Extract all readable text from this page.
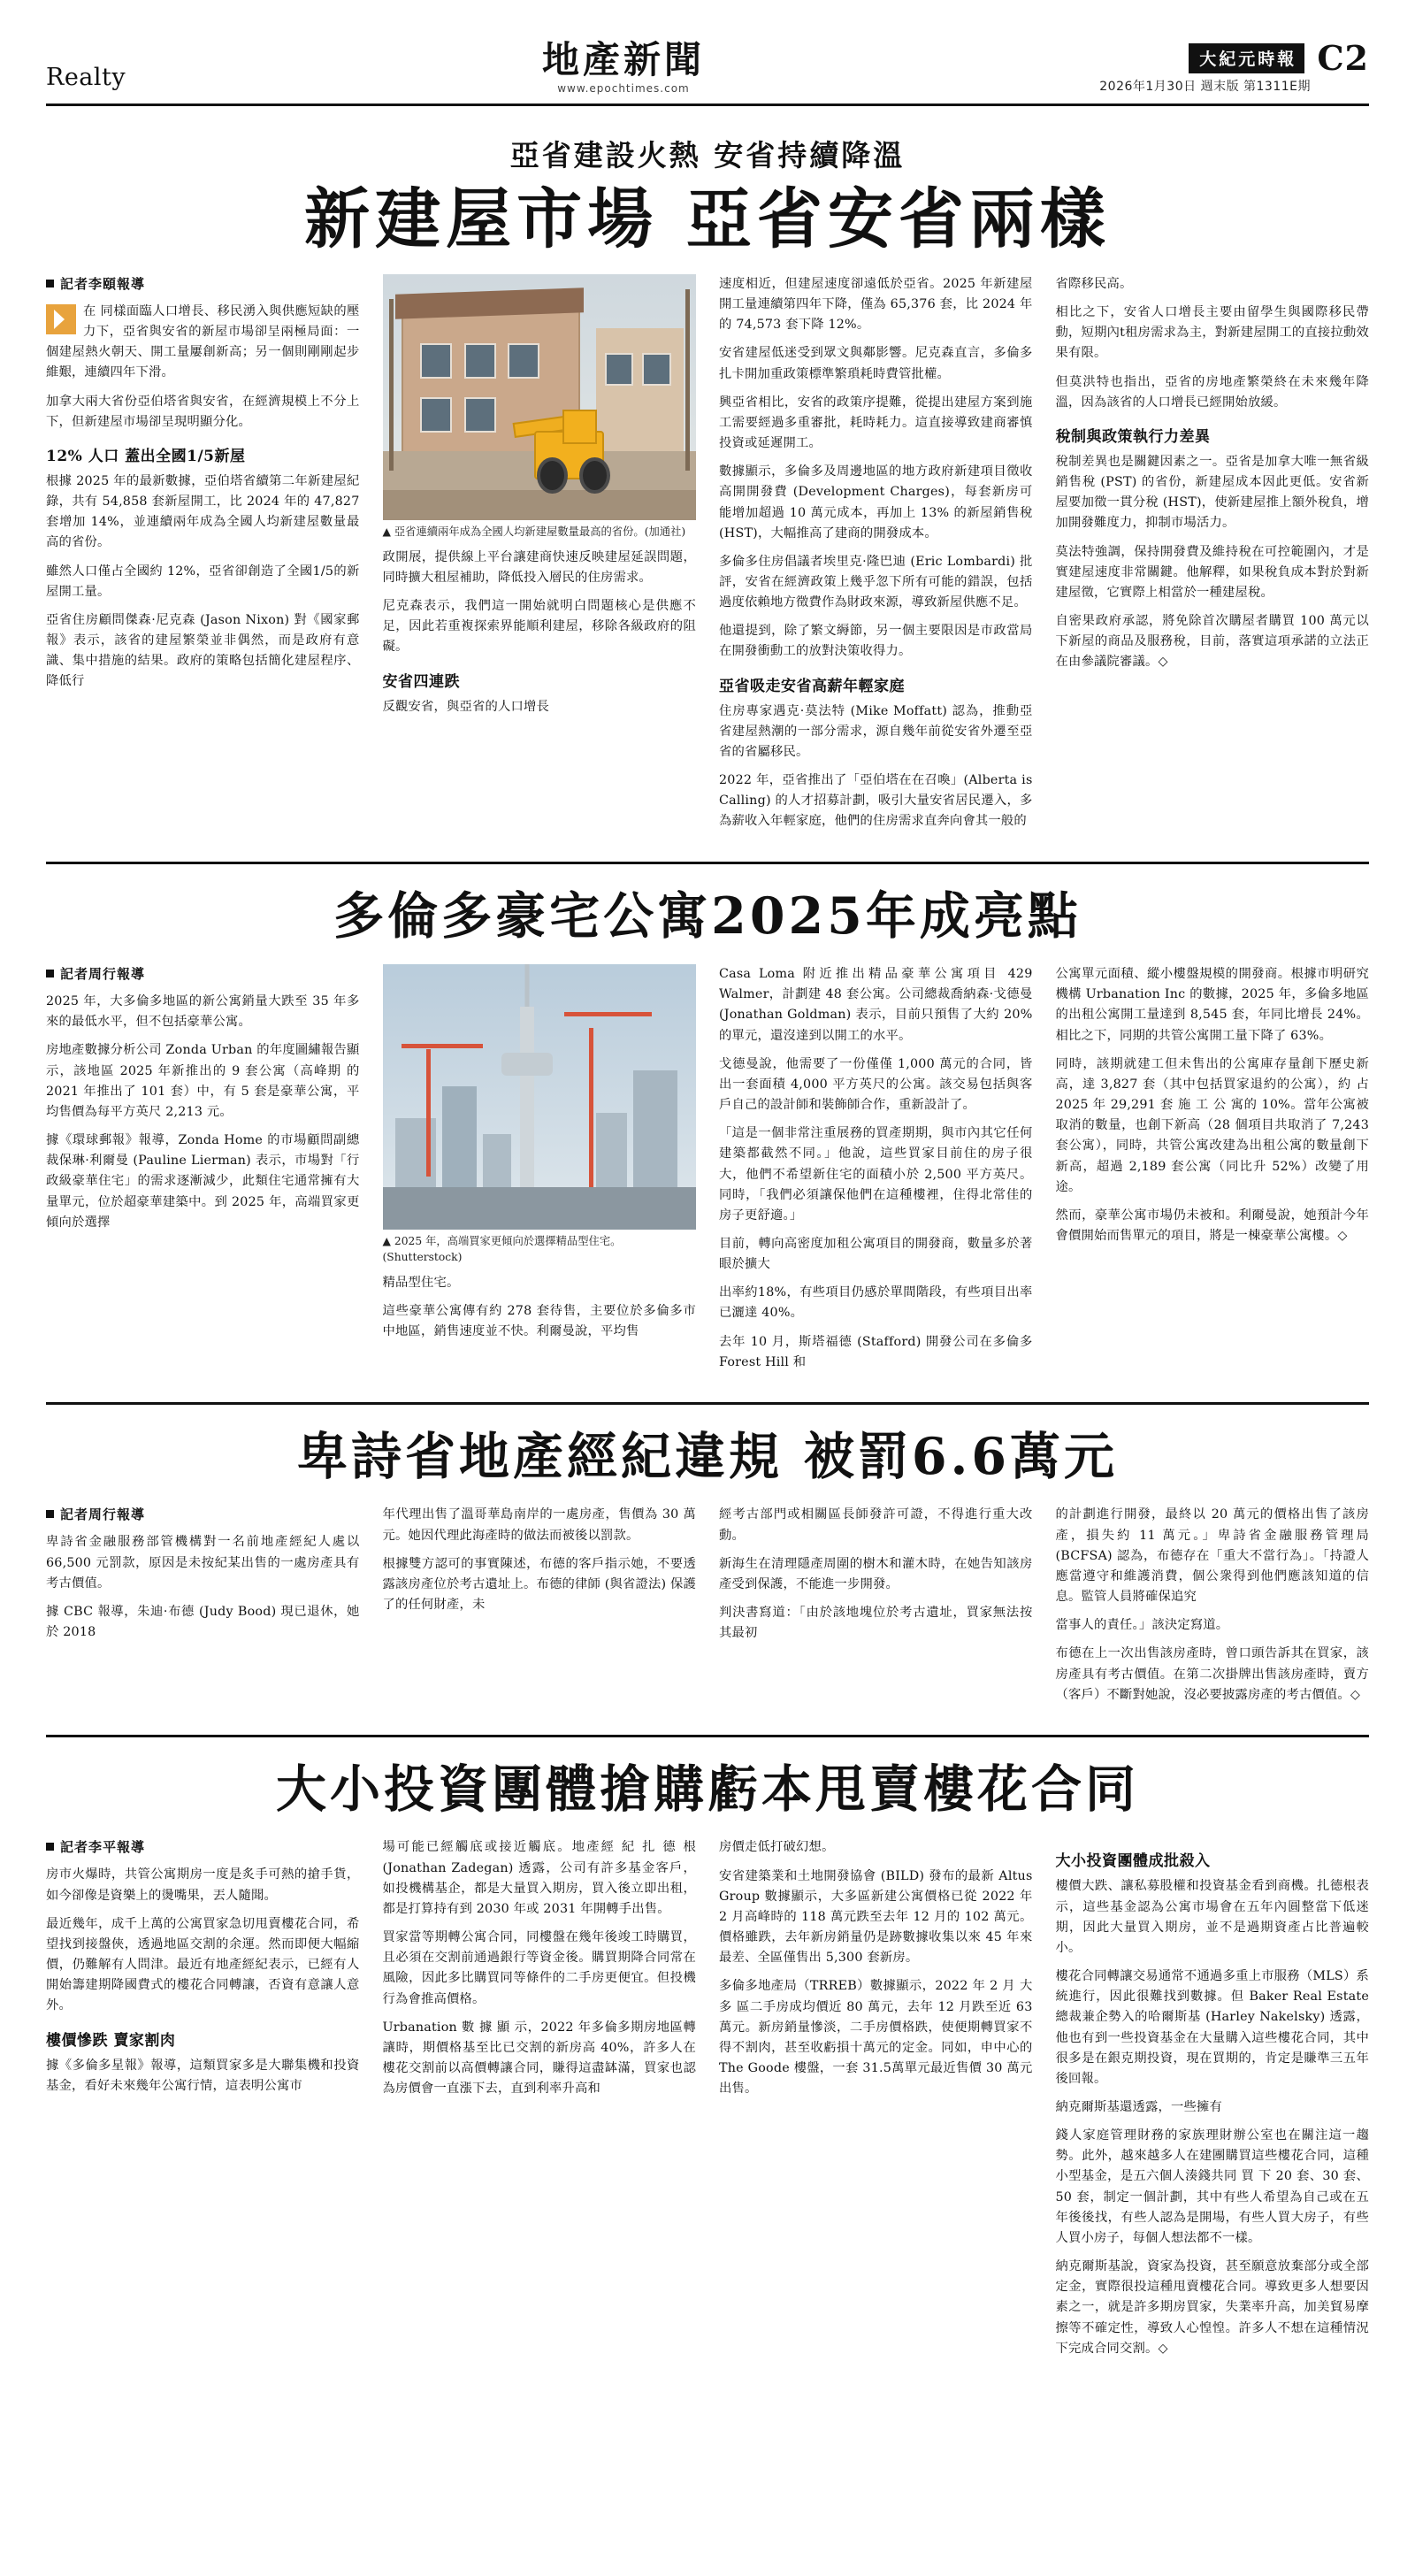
Realty	地產新聞
www.epochtimes.com
大紀元時報 C2
2026年1月30日 週末版 第1311E期
亞省建設火熱 安省持續降溫
新建屋市場 亞省安省兩樣
記者李頤報導

在 同樣面臨人口增長、移民湧入與供應短缺的壓力下，亞省與安省的新屋市場卻呈兩極局面：一個建屋熱火朝天、開工量屢創新高；另一個則剛剛起步維艱，連續四年下滑。

加拿大兩大省份亞伯塔省與安省，在經濟規模上不分上下，但新建屋市場卻呈現明顯分化。

12% 人口 蓋出全國1/5新屋

根據 2025 年的最新數據，亞伯塔省續第二年新建屋紀錄，共有 54,858 套新屋開工，比 2024 年的 47,827 套增加 14%，並連續兩年成為全國人均新建屋數量最高的省份。

雖然人口僅占全國約 12%，亞省卻創造了全國1/5的新屋開工量。

亞省住房顧問傑森·尼克森 (Jason Nixon) 對《國家郵報》表示，該省的建屋繁榮並非偶然，而是政府有意識、集中措施的結果。政府的策略包括簡化建屋程序、降低行

▲ 亞省連續兩年成為全國人均新建屋數量最高的省份。(加通社)

政開展，提供線上平台讓建商快速反映建屋延誤問題，同時擴大租屋補助，降低投入層民的住房需求。

尼克森表示，我們這一開始就明白問題核心是供應不足，因此若重複探索界能順利建屋，移除各級政府的阻礙。

安省四連跌

反觀安省，與亞省的人口增長

速度相近，但建屋速度卻遠低於亞省。2025 年新建屋開工量連續第四年下降，僅為 65,376 套，比 2024 年的 74,573 套下降 12%。

安省建屋低迷受到眾文與鄰影響。尼克森直言，多倫多扎卡開加重政策標準繁瑣耗時費管批權。

興亞省相比，安省的政策序提難，從提出建屋方案到施工需要經過多重審批，耗時耗力。這直接導致建商審慎投資或延遲開工。

數據顯示，多倫多及周邊地區的地方政府新建項目徵收高開開發費 (Development Charges)，每套新房可能增加超過 10 萬元成本，再加上 13% 的新屋銷售稅 (HST)，大幅推高了建商的開發成本。

多倫多住房倡議者埃里克·隆巴迪 (Eric Lombardi) 批評，安省在經濟政策上幾乎忽下所有可能的錯誤，包括過度依賴地方徵費作為財政來源，導致新屋供應不足。

他還提到，除了繁文縟節，另一個主要限因是市政當局在開發衝動工的放對決策收得力。

亞省吸走安省高薪年輕家庭

住房專家遇克·莫法特 (Mike Moffatt) 認為，推動亞省建屋熱潮的一部分需求，源自幾年前從安省外遷至亞省的省屬移民。

2022 年，亞省推出了「亞伯塔在在召喚」(Alberta is Calling) 的人才招募計劃，吸引大量安省居民遷入，多為薪收入年輕家庭，他們的住房需求直奔向會其一般的

省際移民高。

相比之下，安省人口增長主要由留學生與國際移民帶動，短期內t租房需求為主，對新建屋開工的直接拉動效果有限。

但莫洪特也指出，亞省的房地產繁榮終在未來幾年降溫，因為該省的人口增長已經開始放緩。

稅制與政策執行力差異

稅制差異也是關鍵因素之一。亞省是加拿大唯一無省級銷售稅 (PST) 的省份，新建屋成本因此更低。安省新屋要加徵一貫分稅 (HST)，使新建屋推上額外稅負，增加開發難度力，抑制市場活力。

莫法特強調，保持開發費及維持稅在可控範圍內，才是實建屋速度非常關鍵。他解釋，如果稅負成本對於對新建屋徵，它實際上相當於一種建屋稅。

自密果政府承認，將免除首次購屋者購買 100 萬元以下新屋的商品及服務稅，目前，落實這項承諾的立法正在由參議院審議。◇

多倫多豪宅公寓2025年成亮點
記者周行報導

2025 年，大多倫多地區的新公寓銷量大跌至 35 年多來的最低水平，但不包括豪華公寓。

房地產數據分析公司 Zonda Urban 的年度圖繡報告顯示，該地區 2025 年新推出的 9 套公寓（高峰期 的 2021 年推出了 101 套）中，有 5 套是豪華公寓，平均售價為每平方英尺 2,213 元。

據《環球郵報》報導，Zonda Home 的市場顧問副總裁保琳·利爾曼 (Pauline Lierman) 表示，市場對「行政級豪華住宅」的需求逐漸減少，此類住宅通常擁有大量單元，位於超豪華建築中。到 2025 年，高端買家更傾向於選擇

▲ 2025 年，高端買家更傾向於選擇精品型住宅。(Shutterstock)

精品型住宅。

這些豪華公寓傳有約 278 套待售，主要位於多倫多市中地區，銷售速度並不快。利爾曼說，平均售

Casa Loma 附近推出精品豪華公寓項目 429 Walmer，計劃建 48 套公寓。公司總裁喬納森·戈德曼 (Jonathan Goldman) 表示，目前只預售了大約 20% 的單元，還沒達到以開工的水平。

戈德曼說，他需要了一份僅僅 1,000 萬元的合同，皆出一套面積 4,000 平方英尺的公寓。該交易包括與客戶自己的設計師和裝飾師合作，重新設計了。

「這是一個非常注重展務的買產期期，與市內其它任何建築都截然不同。」他說，這些買家目前住的房子很大，他們不希望新住宅的面積小於 2,500 平方英尺。同時，「我們必須讓保他們在這種樓裡，住得北常佳的房子更舒適。」

目前，轉向高密度加租公寓項目的開發商，數量多於著眼於擴大

出率約18%，有些項目仍感於單間階段，有些項目出率已灑達 40%。

去年 10 月，斯塔福德 (Stafford) 開發公司在多倫多 Forest Hill 和

公寓單元面積、縱小樓盤規模的開發商。根據市明研究機構 Urbanation Inc 的數據，2025 年，多倫多地區的出租公寓開工量達到 8,545 套，年同比增長 24%。相比之下，同期的共管公寓開工量下降了 63%。

同時，該期就建工但未售出的公寓庫存量創下歷史新高，達 3,827 套（其中包括買家退約的公寓），約 占 2025 年 29,291 套 施 工 公 寓的 10%。當年公寓被取消的數量，也創下新高（28 個項目共取消了 7,243 套公寓），同時，共管公寓改建為出租公寓的數量創下新高，超過 2,189 套公寓（同比升 52%）改變了用途。

然而，豪華公寓市場仍未被和。利爾曼說，她預計今年會價開始而售單元的項目，將是一棟豪華公寓樓。◇

卑詩省地產經紀違規 被罰6.6萬元
記者周行報導

卑詩省金融服務部管機構對一名前地產經紀人處以 66,500 元罰款，原因是未按紀某出售的一處房產具有考古價值。

據 CBC 報導，朱迪·布德 (Judy Bood) 現已退休，她於 2018

年代理出售了溫哥華島南岸的一處房產，售價為 30 萬元。她因代理此海產時的做法而被後以罰款。

根據雙方認可的事實陳述，布德的客戶指示她，不要透露該房產位於考古遺址上。布德的律師 (與省證法) 保護了的任何財產，未

經考古部門或相關區長師發許可證，不得進行重大改動。

新海生在清理隱產周圍的樹木和灌木時，在她告知該房產受到保護，不能進一步開發。

判決書寫道：「由於該地塊位於考古遺址，買家無法按其最初

的計劃進行開發，最終以 20 萬元的價格出售了該房產，損失約 11 萬元。」卑詩省金融服務管理局 (BCFSA) 認為，布德存在「重大不當行為」。「持證人應當遵守和維護消費，個公衆得到他們應該知道的信息。監管人員將確保追究

當事人的責任。」該決定寫道。

布德在上一次出售該房產時，曾口頭告訴其在買家，該房產具有考古價值。在第二次掛牌出售該房產時，賣方（客戶）不斷對她說，沒必要披露房產的考古價值。◇

大小投資團體搶購虧本甩賣樓花合同
記者李平報導

房市火爆時，共管公寓期房一度是炙手可熱的搶手貨，如今卻像是資樂上的燙嘴果，丟人隨聞。

最近幾年，成千上萬的公寓買家急切甩賣樓花合同，希望找到接盤俠，透過地區交割的余運。然而即便大幅縮價，仍難解有人問津。最近有地產經紀表示，已經有人開始籌建期降國費式的樓花合同轉讓，否資有意讓人意外。

樓價慘跌 賣家割肉

據《多倫多星報》報導，這類買家多是大聯集機和投資基金，看好未來幾年公寓行情，這表明公寓市

場可能已經觸底或接近觸底。地產經 紀 扎 德 根 (Jonathan Zadegan) 透露，公司有許多基金客戶，如投機構基企，都是大量買入期房，買入後立即出租，都是打算持有到 2030 年或 2031 年開轉手出售。

買家當等期轉公寓合同，同樓盤在幾年後竣工時購買，且必須在交割前通過銀行等資金後。購買期降合同常在風險，因此多比購買同等條件的二手房更便宜。但投機行為會推高價格。

Urbanation 數 據 顯 示，2022 年多倫多期房地區轉讓時，期價格基至比已交割的新房高 40%，許多人在樓花交割前以高價轉讓合同，賺得這盡缽滿，買家也認為房價會一直漲下去，直到利率升高和

房價走低打破幻想。

安省建築業和土地開發協會 (BILD) 發布的最新 Altus Group 數據顯示，大多區新建公寓價格已從 2022 年 2 月高峰時的 118 萬元跌至去年 12 月的 102 萬元。價格雖跌，去年新房銷量仍是跡數據收集以來 45 年來最差、全區僅售出 5,300 套新房。

多倫多地產局（TRREB）數據顯示，2022 年 2 月 大 多 區二手房成均價近 80 萬元，去年 12 月跌至近 63 萬元。新房銷量慘淡，二手房價格跌，使便期轉買家不得不割肉，甚至收虧損十萬元的定金。同如，申中心的 The Goode 樓盤，一套 31.5萬單元最近售價 30 萬元出售。

大小投資團體成批殺入

樓價大跌、讓私募股權和投資基金看到商機。扎德根表示，這些基金認為公寓市場會在五年內圓整當下低迷期，因此大量買入期房，並不是過期資產占比普遍較小。

樓花合同轉讓交易通常不通過多重上市服務（MLS）系統進行，因此很難找到數據。但 Baker Real Estate 總裁兼企勢入的哈爾斯基 (Harley Nakelsky) 透露，他也有到一些投資基金在大量購入這些樓花合同，其中很多是在銀克期投資，現在買期的，肯定是賺準三五年後回報。

納克爾斯基還透露，一些擁有

錢人家庭管理財務的家族理財辦公室也在關注這一趨勢。此外，越來越多人在建團購買這些樓花合同，這種小型基金，是五六個人湊錢共同 買 下 20 套、30 套、50 套，制定一個計劃，其中有些人希望為自己或在五年後後找，有些人認為是開場，有些人買大房子，有些人買小房子，每個人想法都不一樣。

納克爾斯基說，資家為投資，甚至願意放棄部分或全部定金，實際很投這種甩賣樓花合同。導致更多人想要因素之一，就是許多期房買家，失業率升高，加美貿易摩擦等不確定性，導致人心惶惶。許多人不想在這種情況下完成合同交割。◇
